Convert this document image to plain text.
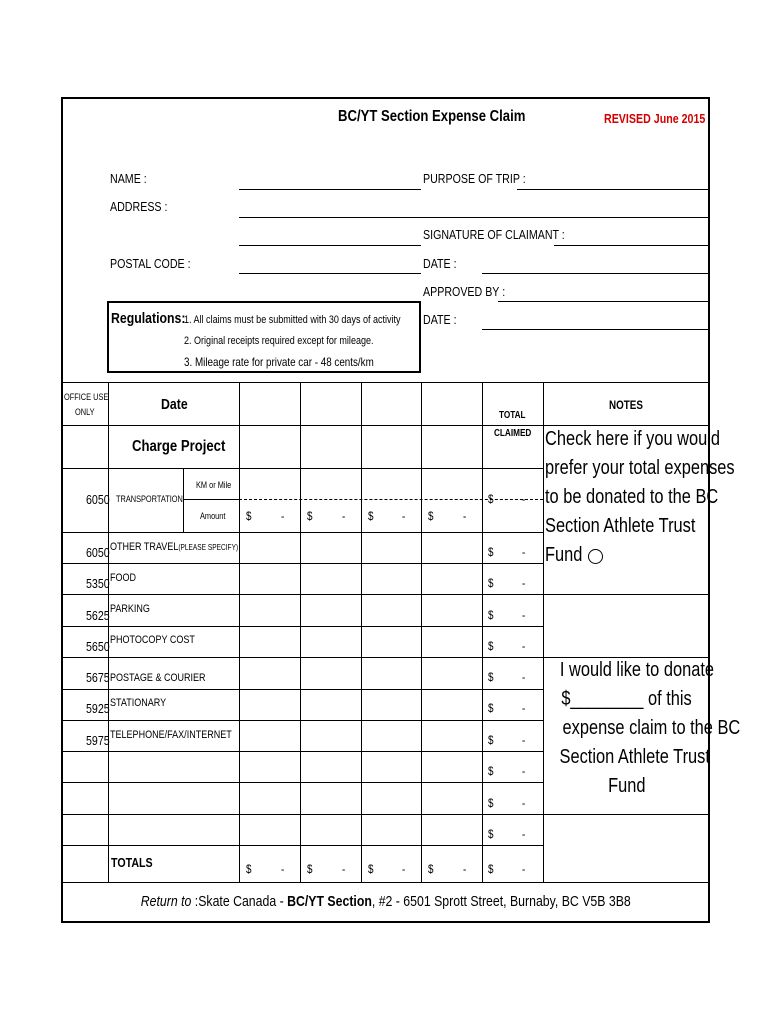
BC/YT Section Expense Claim	REVISED June 2015
NAME :
ADDRESS :
POSTAL CODE :
PURPOSE OF TRIP :
SIGNATURE OF CLAIMANT :
DATE :
APPROVED BY :
DATE :
Regulations:
1. All claims must be submitted with 30 days of activity
2. Original receipts required except for mileage.
3. Mileage rate for private car - 48 cents/km
OFFICE USE
ONLY	Date
Charge Project
TOTAL
CLAIMED
NOTES
6050 TRANSPORTATION
KM or Mile
Amount
6050 OTHER TRAVEL(PLEASE SPECIFY)
5350 FOOD
5625 PARKING
5650 PHOTOCOPY COST
5675 POSTAGE & COURIER
5925 STATIONARY
5975 TELEPHONE/FAX/INTERNET
TOTALS
$ -
$ -
$ -
$ -
$ -
$ -
$ -
$ -
$ -
$ -
$ -
$ -
$ - $ - $ - $ -
$ - $ - $ - $ -
Check here if you would
prefer your total expenses
to be donated to the BC
Section Athlete Trust
Fund
I would like to donate
$________ of this
expense claim to the BC
Section Athlete Trust
Fund
Return to :Skate Canada - BC/YT Section, #2 - 6501 Sprott Street, Burnaby, BC V5B 3B8
